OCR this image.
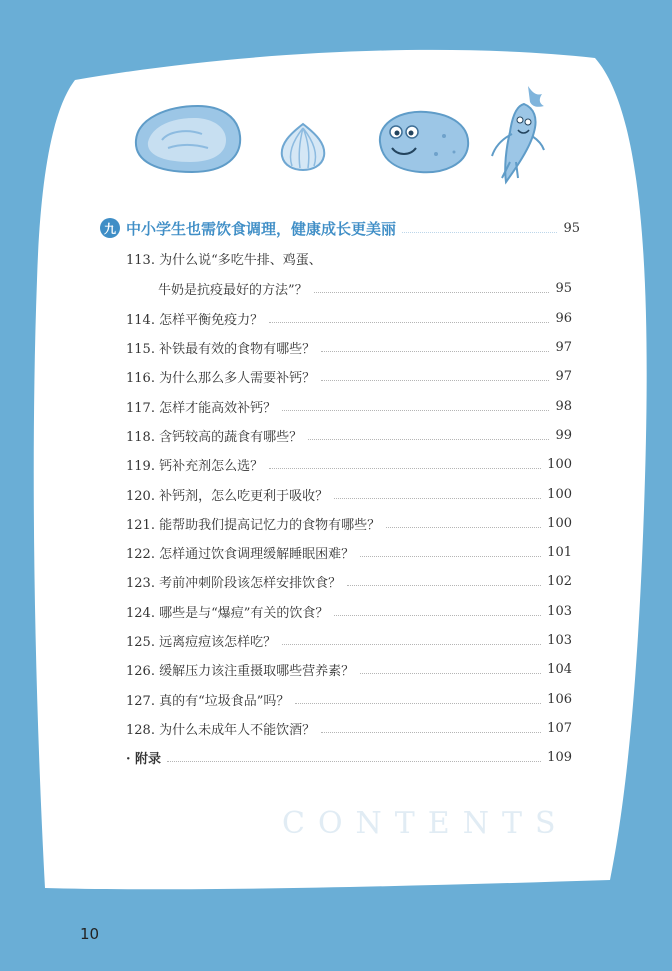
九 中小学生也需饮食调理，健康成长更美丽	95
113. 为什么说“多吃牛排、鸡蛋、
牛奶是抗疫最好的方法”？	95
114. 怎样平衡免疫力？	96
115. 补铁最有效的食物有哪些？	97
116. 为什么那么多人需要补钙？	97
117. 怎样才能高效补钙？	98
118. 含钙较高的蔬食有哪些？	99
119. 钙补充剂怎么选？	100
120. 补钙剂，怎么吃更利于吸收？	100
121. 能帮助我们提高记忆力的食物有哪些？	100
122. 怎样通过饮食调理缓解睡眠困难？	101
123. 考前冲刺阶段该怎样安排饮食？	102
124. 哪些是与“爆痘”有关的饮食？	103
125. 远离痘痘该怎样吃？	103
126. 缓解压力该注重摄取哪些营养素？	104
127. 真的有“垃圾食品”吗？	106
128. 为什么未成年人不能饮酒？	107
· 附录	109
CONTENTS
10
